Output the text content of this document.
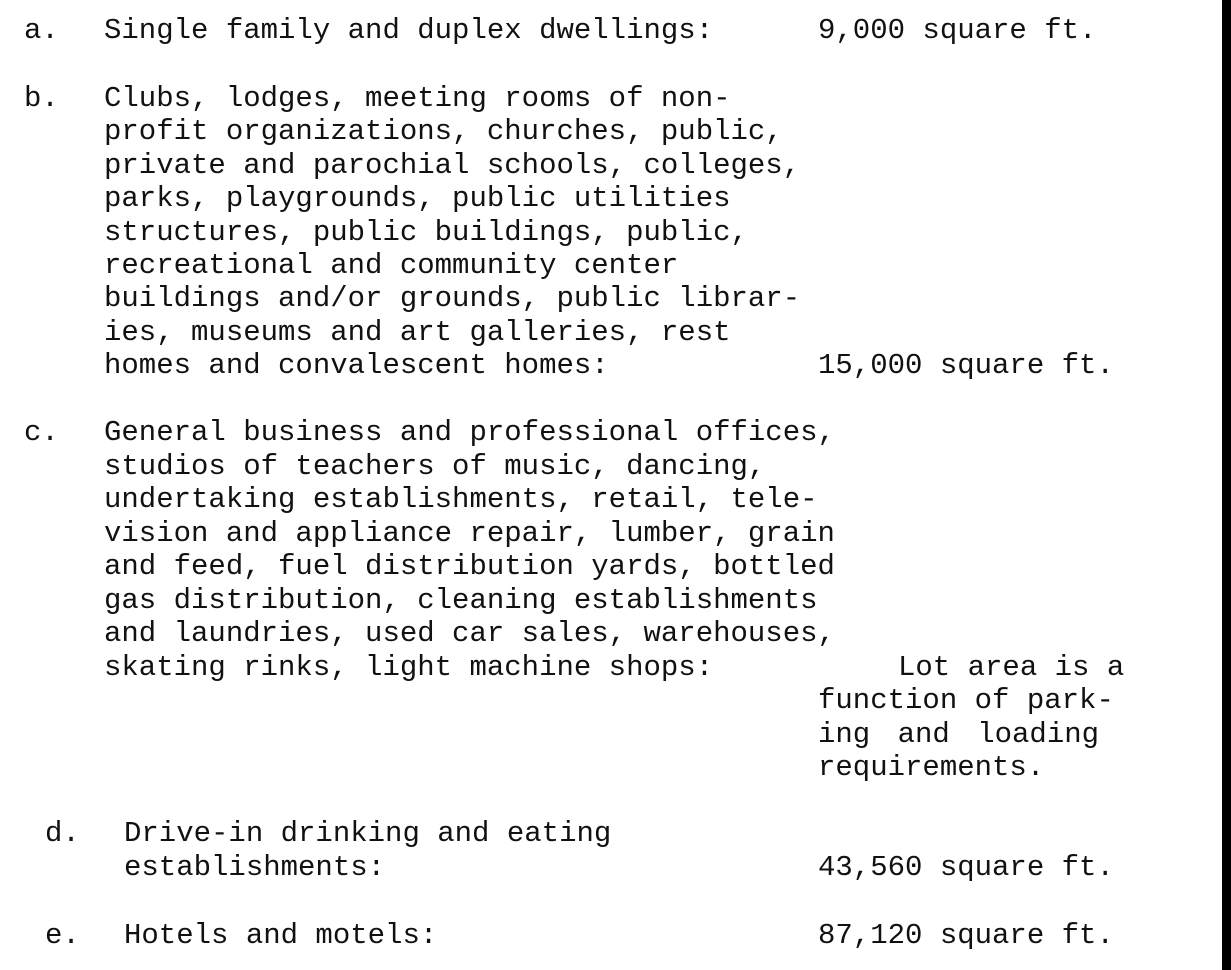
a. Single family and duplex dwellings:	9,000 square ft.
b. Clubs, lodges, meeting rooms of non-
profit organizations, churches, public,
private and parochial schools, colleges,
parks, playgrounds, public utilities
structures, public buildings, public,
recreational and community center
buildings and/or grounds, public librar-
ies, museums and art galleries, rest
homes and convalescent homes:	15,000 square ft.
c. General business and professional offices,
studios of teachers of music, dancing,
undertaking establishments, retail, tele-
vision and appliance repair, lumber, grain
and feed, fuel distribution yards, bottled
gas distribution, cleaning establishments
and laundries, used car sales, warehouses,
skating rinks, light machine shops:	Lot area is a
function of park-
ing and loading
requirements.
d. Drive-in drinking and eating
establishments:	43,560 square ft.
e. Hotels and motels:	87,120 square ft.
